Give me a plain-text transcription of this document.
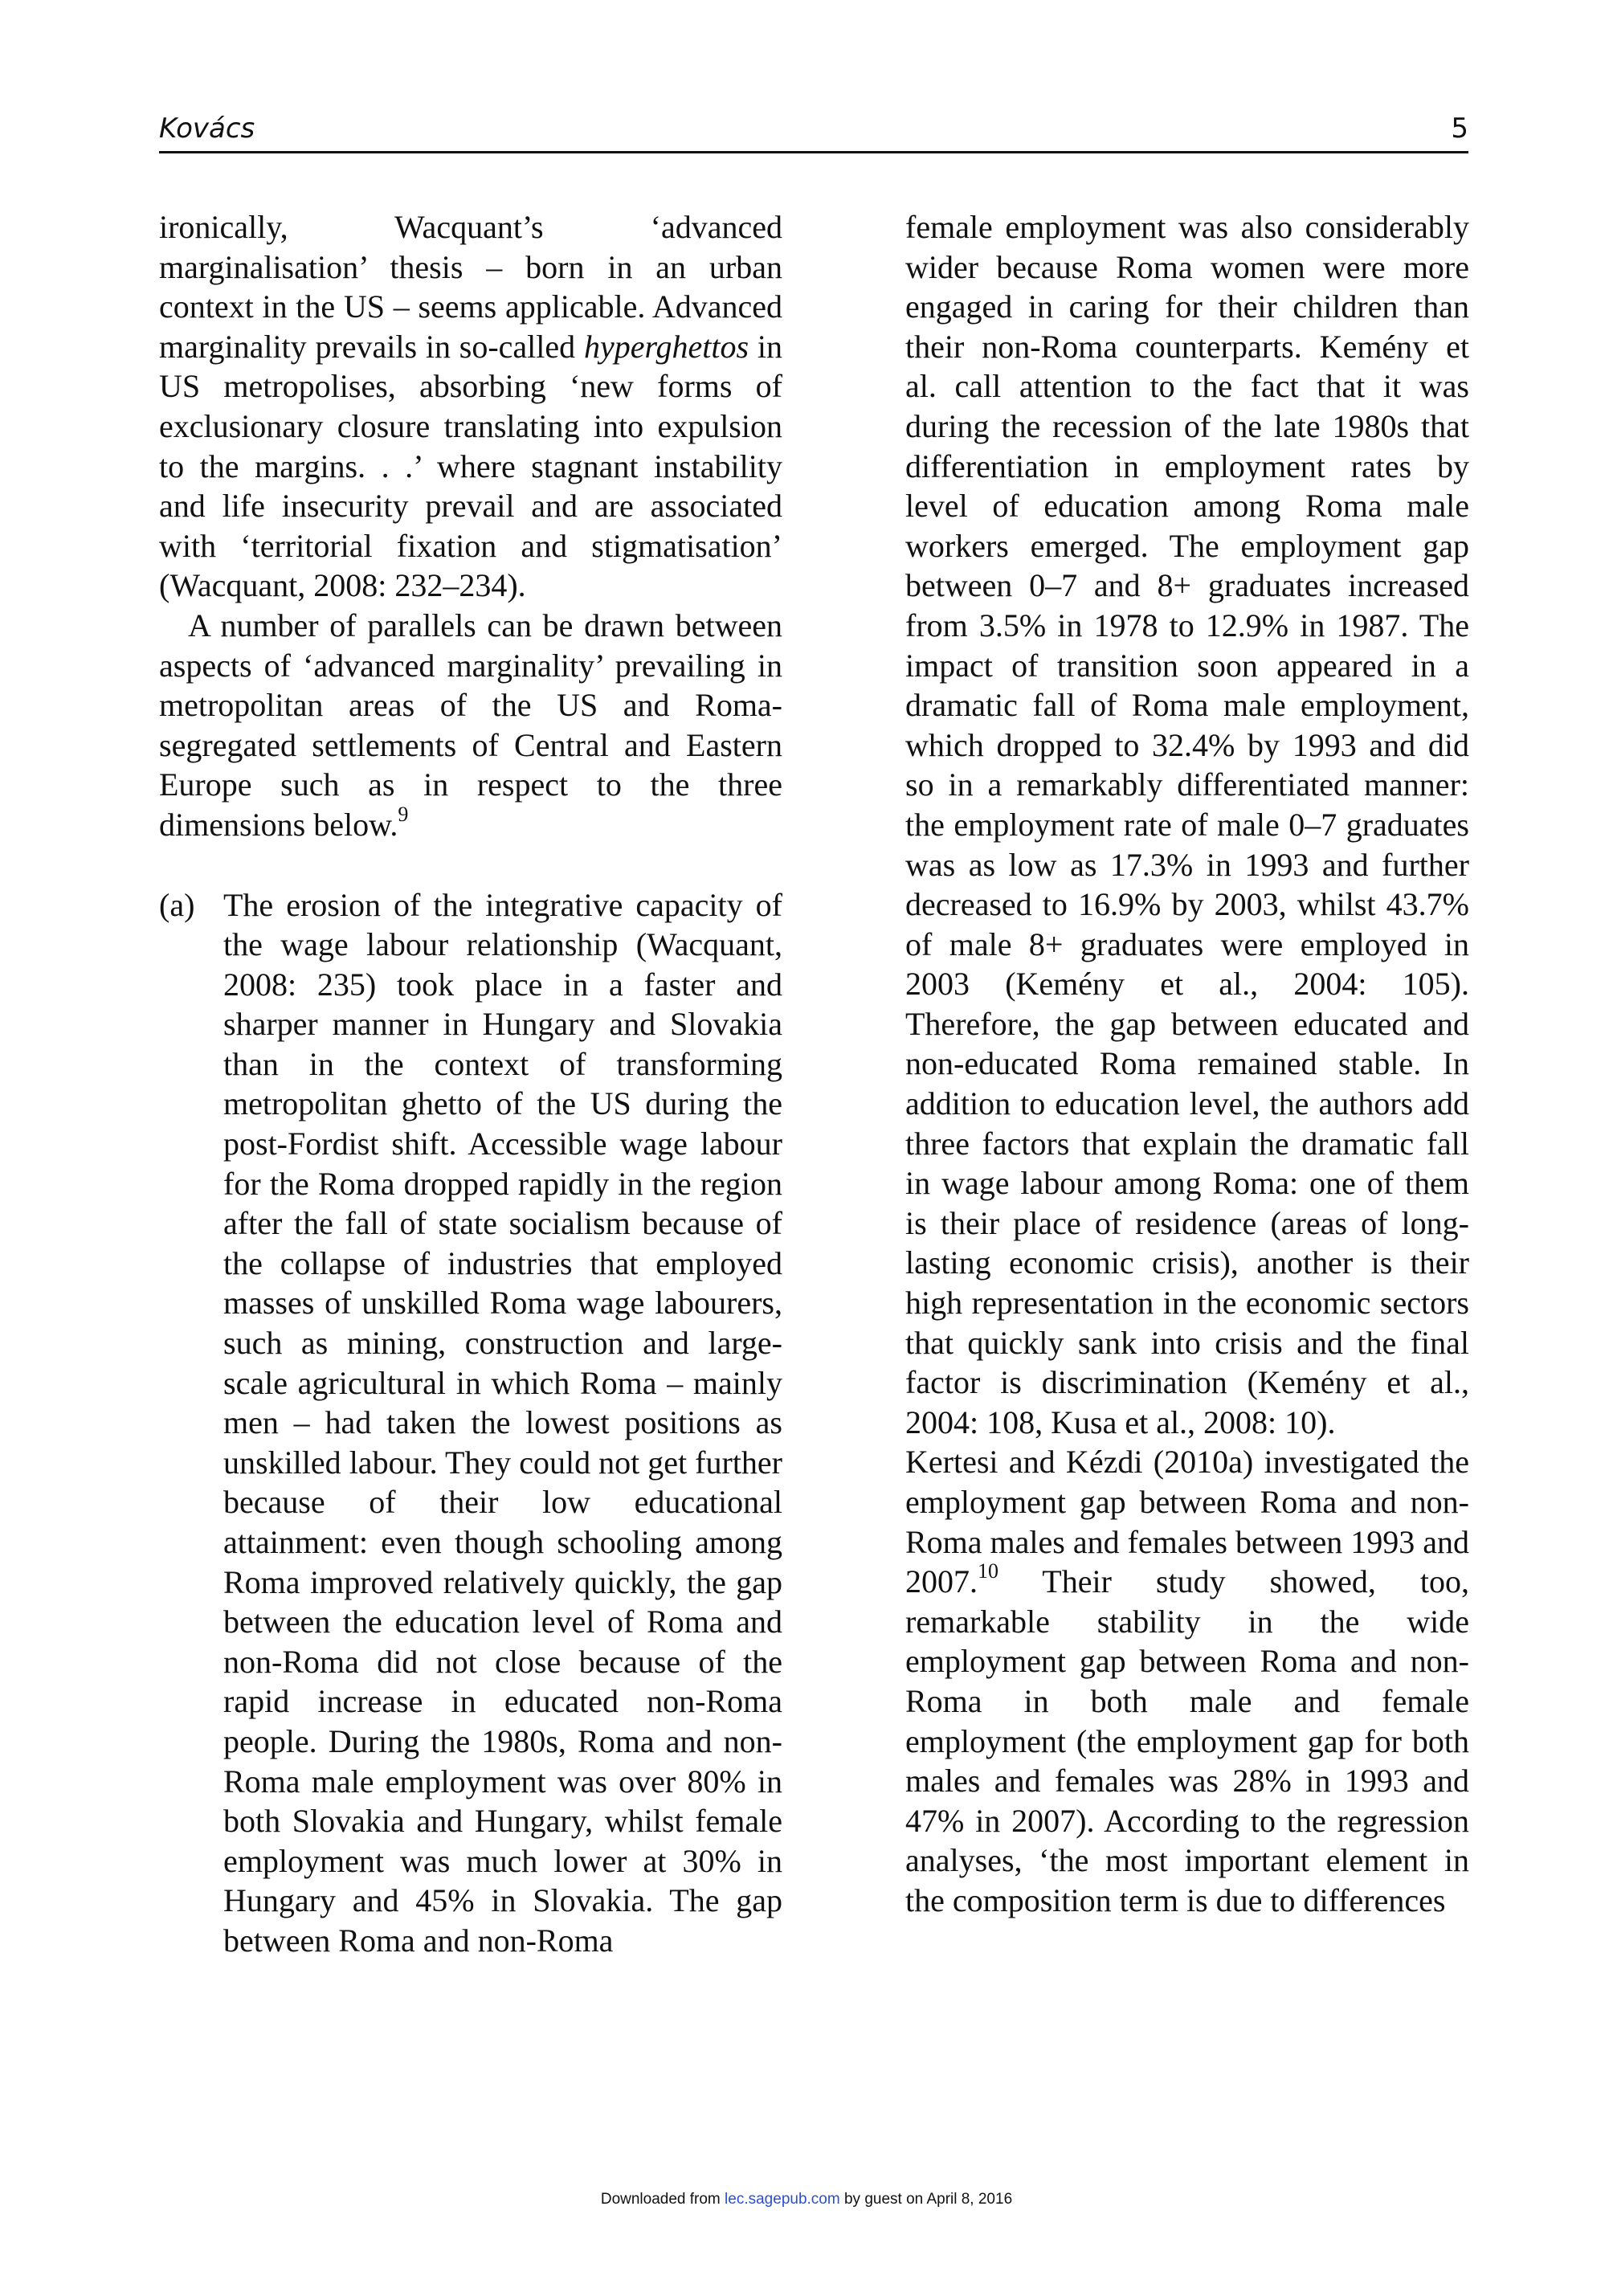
Kovács	5

ironically, Wacquant’s ‘advanced marginalisation’ thesis – born in an urban context in the US – seems applicable. Advanced marginality prevails in so-called hyperghettos in US metropolises, absorbing ‘new forms of exclusionary closure translating into expulsion to the margins. . .’ where stagnant instability and life insecurity prevail and are associated with ‘territorial fixation and stigmatisation’ (Wacquant, 2008: 232–234).

A number of parallels can be drawn between aspects of ‘advanced marginality’ prevailing in metropolitan areas of the US and Roma-segregated settlements of Central and Eastern Europe such as in respect to the three dimensions below.$^9$

(a) The erosion of the integrative capacity of the wage labour relationship (Wacquant, 2008: 235) took place in a faster and sharper manner in Hungary and Slovakia than in the context of transforming metropolitan ghetto of the US during the post-Fordist shift. Accessible wage labour for the Roma dropped rapidly in the region after the fall of state socialism because of the collapse of industries that employed masses of unskilled Roma wage labourers, such as mining, construction and large-scale agricultural in which Roma – mainly men – had taken the lowest positions as unskilled labour. They could not get further because of their low educational attainment: even though schooling among Roma improved relatively quickly, the gap between the education level of Roma and non-Roma did not close because of the rapid increase in educated non-Roma people. During the 1980s, Roma and non-Roma male employment was over 80% in both Slovakia and Hungary, whilst female employment was much lower at 30% in Hungary and 45% in Slovakia. The gap between Roma and non-Roma

female employment was also considerably wider because Roma women were more engaged in caring for their children than their non-Roma counterparts. Kemény et al. call attention to the fact that it was during the recession of the late 1980s that differentiation in employment rates by level of education among Roma male workers emerged. The employment gap between 0–7 and 8+ graduates increased from 3.5% in 1978 to 12.9% in 1987. The impact of transition soon appeared in a dramatic fall of Roma male employment, which dropped to 32.4% by 1993 and did so in a remarkably differentiated manner: the employment rate of male 0–7 graduates was as low as 17.3% in 1993 and further decreased to 16.9% by 2003, whilst 43.7% of male 8+ graduates were employed in 2003 (Kemény et al., 2004: 105). Therefore, the gap between educated and non-educated Roma remained stable. In addition to education level, the authors add three factors that explain the dramatic fall in wage labour among Roma: one of them is their place of residence (areas of long-lasting economic crisis), another is their high representation in the economic sectors that quickly sank into crisis and the final factor is discrimination (Kemény et al., 2004: 108, Kusa et al., 2008: 10).

Kertesi and Kézdi (2010a) investigated the employment gap between Roma and non-Roma males and females between 1993 and 2007.10 Their study showed, too, remarkable stability in the wide employment gap between Roma and non-Roma in both male and female employment (the employment gap for both males and females was 28% in 1993 and 47% in 2007). According to the regression analyses, ‘the most important element in the composition term is due to differences

Downloaded from lec.sagepub.com by guest on April 8, 2016
